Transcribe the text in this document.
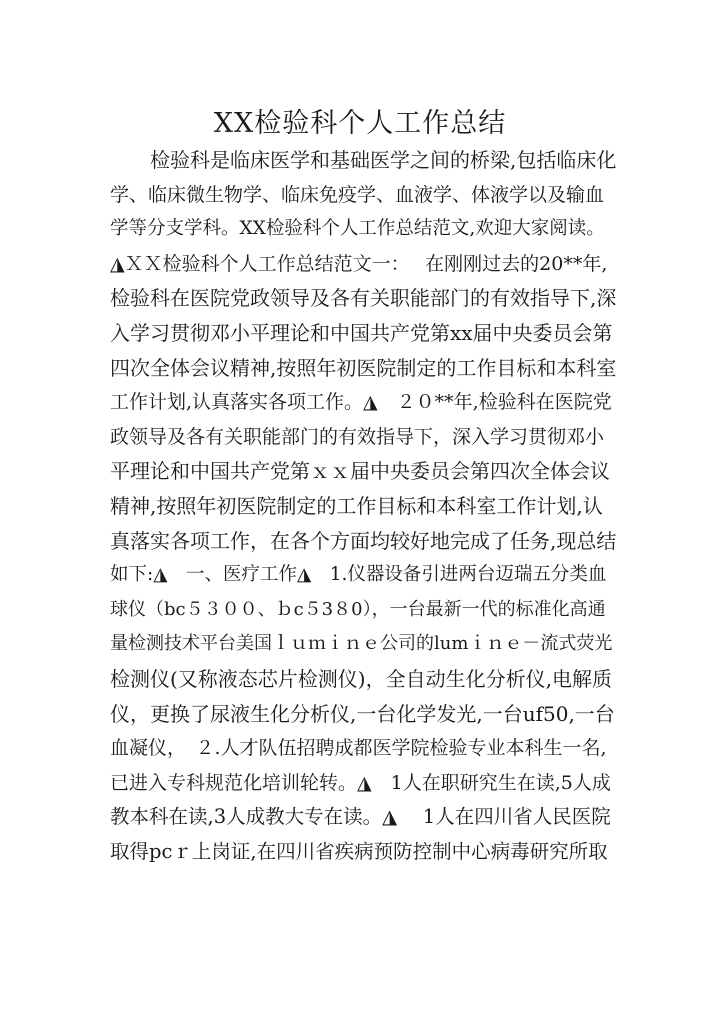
XX检验科个人工作总结
　　检验科是临床医学和基础医学之间的桥梁,包括临床化
学、临床微生物学、临床免疫学、血液学、体液学以及输血
学等分支学科。XX检验科个人工作总结范文,欢迎大家阅读。
◮ＸＸ检验科个人工作总结范文一：　 在刚刚过去的20**年,
检验科在医院党政领导及各有关职能部门的有效指导下,深
入学习贯彻邓小平理论和中国共产党第xx届中央委员会第
四次全体会议精神,按照年初医院制定的工作目标和本科室
工作计划,认真落实各项工作。◮　２０**年,检验科在医院党
政领导及各有关职能部门的有效指导下，深入学习贯彻邓小
平理论和中国共产党第ｘｘ届中央委员会第四次全体会议
精神,按照年初医院制定的工作目标和本科室工作计划,认
真落实各项工作，在各个方面均较好地完成了任务,现总结
如下:◮　一、医疗工作◮　1.仪器设备引进两台迈瑞五分类血
球仪（bc５３００、ｂc５3８0），一台最新一代的标准化高通
量检测技术平台美国ｌｕｍｉｎｅ公司的lumｉｎｅ－流式荧光
检测仪(又称液态芯片检测仪)，全自动生化分析仪,电解质
仪，更换了尿液生化分析仪,一台化学发光,一台uf50,一台
血凝仪，　２.人才队伍招聘成都医学院检验专业本科生一名,
已进入专科规范化培训轮转。◮　1人在职研究生在读,5人成
教本科在读,3人成教大专在读。◮　 1人在四川省人民医院
取得pcｒ上岗证,在四川省疾病预防控制中心病毒研究所取
